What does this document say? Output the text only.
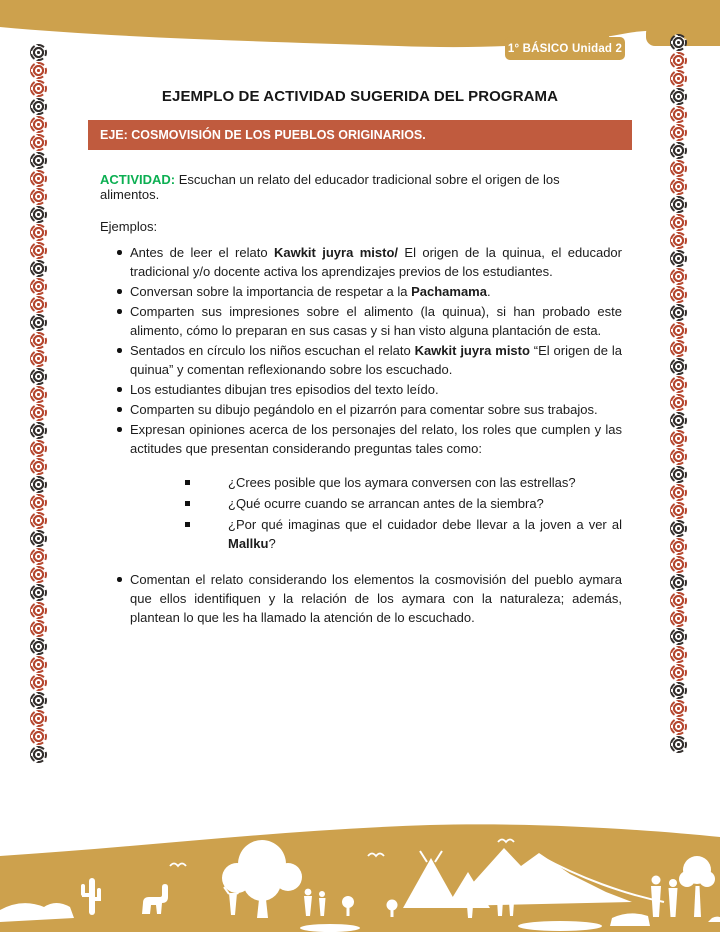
1° BÁSICO Unidad 2
EJEMPLO DE ACTIVIDAD SUGERIDA DEL PROGRAMA
EJE: COSMOVISIÓN DE LOS PUEBLOS ORIGINARIOS.

ACTIVIDAD: Escuchan un relato del educador tradicional sobre el origen de los alimentos.

Ejemplos:

Antes de leer el relato Kawkit juyra misto/ El origen de la quinua, el educador tradicional y/o docente activa los aprendizajes previos de los estudiantes.
Conversan sobre la importancia de respetar a la Pachamama.
Comparten sus impresiones sobre el alimento (la quinua), si han probado este alimento, cómo lo preparan en sus casas y si han visto alguna plantación de esta.
Sentados en círculo los niños escuchan el relato Kawkit juyra misto “El origen de la quinua” y comentan reflexionando sobre los escuchado.
Los estudiantes dibujan tres episodios del texto leído.
Comparten su dibujo pegándolo en el pizarrón para comentar sobre sus trabajos.
Expresan opiniones acerca de los personajes del relato, los roles que cumplen y las actitudes que presentan considerando preguntas tales como:
¿Crees posible que los aymara conversen con las estrellas?
¿Qué ocurre cuando se arrancan antes de la siembra?
¿Por qué imaginas que el cuidador debe llevar a la joven a ver al Mallku?
Comentan el relato considerando los elementos la cosmovisión del pueblo aymara que ellos identifiquen y la relación de los aymara con la naturaleza; además, plantean lo que les ha llamado la atención de lo escuchado.
